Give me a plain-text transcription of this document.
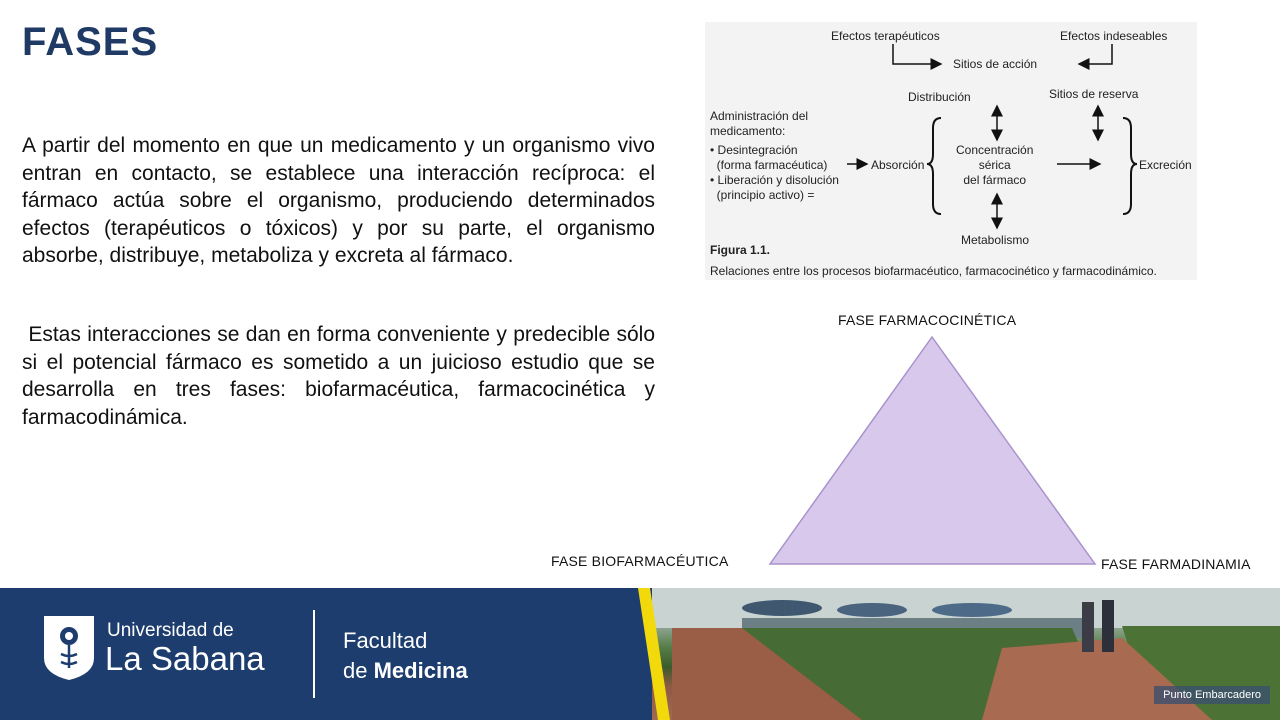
FASES
A partir del momento en que un medicamento y un organismo vivo entran en contacto, se establece una interacción recíproca: el fármaco actúa sobre el organismo, produciendo determinados efectos (terapéuticos o tóxicos) y por su parte, el organismo absorbe, distribuye, metaboliza y excreta al fármaco.
Estas interacciones se dan en forma conveniente y predecible sólo si el potencial fármaco es sometido a un juicioso estudio que se desarrolla en tres fases: biofarmacéutica, farmacocinética y farmacodinámica.
Efectos terapéuticos	Efectos indeseables
Sitios de acción
Distribución	Sitios de reserva
Administración del
medicamento:
• Desintegración
(forma farmacéutica)
• Liberación y disolución
(principio activo) =
Absorción
Concentración
sérica
del fármaco
Excreción
Metabolismo
Figura 1.1.
Relaciones entre los procesos biofarmacéutico, farmacocinético y farmacodinámico.
FASE FARMACOCINÉTICA
FASE BIOFARMACÉUTICA	FASE FARMADINAMIA
Punto Embarcadero
Universidad de
La Sabana	Facultad
de Medicina
